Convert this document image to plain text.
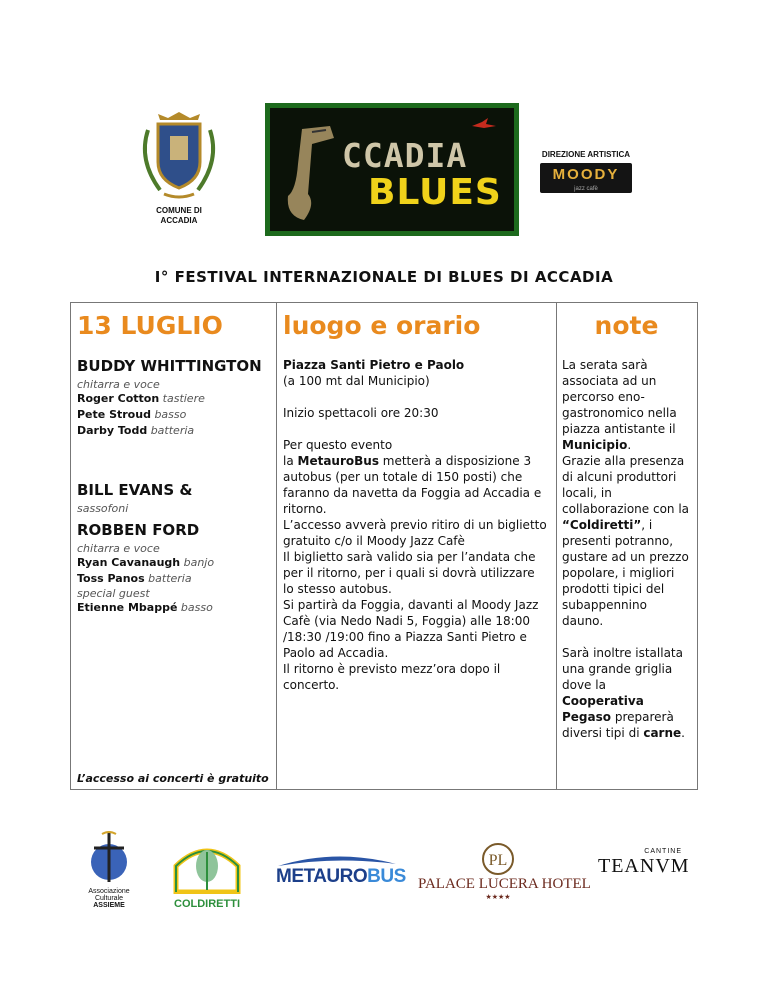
COMUNE DI
ACCADIA
CCADIA
BLUES
DIREZIONE ARTISTICA
MOODY
jazz cafè
I° FESTIVAL INTERNAZIONALE DI BLUES DI ACCADIA
13 LUGLIO

BUDDY WHITTINGTON

chitarra e voce

Roger Cotton tastiere

Pete Stroud basso

Darby Todd batteria

BILL EVANS &

sassofoni

ROBBEN FORD

chitarra e voce

Ryan Cavanaugh banjo

Toss Panos batteria

special guest

Etienne Mbappé basso

L’accesso ai concerti è gratuito
luogo e orario

Piazza Santi Pietro e Paolo

(a 100 mt dal Municipio)

Inizio spettacoli ore 20:30

Per questo evento

la MetauroBus metterà a disposizione 3 autobus (per un totale di 150 posti) che faranno da navetta da Foggia ad Accadia e ritorno.

L’accesso avverà previo ritiro di un biglietto gratuito c/o il Moody Jazz Cafè

Il biglietto sarà valido sia per l’andata che per il ritorno, per i quali si dovrà utilizzare lo stesso autobus.

Si partirà da Foggia, davanti al Moody Jazz Cafè (via Nedo Nadi 5, Foggia) alle 18:00 /18:30 /19:00 fino a Piazza Santi Pietro e Paolo ad Accadia.

Il ritorno è previsto mezz’ora dopo il concerto.

note

La serata sarà associata ad un percorso eno-gastronomico nella piazza antistante il Municipio.

Grazie alla presenza di alcuni produttori locali, in collaborazione con la “Coldiretti”, i presenti potranno, gustare ad un prezzo popolare, i migliori prodotti tipici del subappennino dauno.

Sarà inoltre istallata una grande griglia dove la Cooperativa Pegaso preparerà diversi tipi di carne.

Associazione
Culturale
ASSIEME	COLDIRETTI
METAUROBUS
PL
PALACE LUCERA HOTEL
★★★★
CANTINE
TEANVM
